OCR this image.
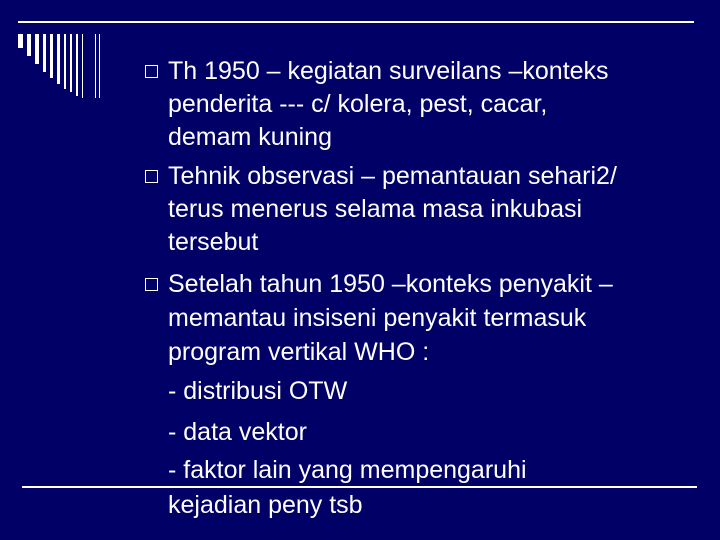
Th 1950 – kegiatan surveilans –konteks
penderita --- c/ kolera, pest, cacar,
demam kuning
Tehnik observasi – pemantauan sehari2/
terus menerus selama masa inkubasi
tersebut
Setelah tahun 1950 –konteks penyakit –
memantau insiseni penyakit termasuk
program vertikal WHO :
- distribusi OTW
- data vektor
- faktor lain yang mempengaruhi
kejadian peny tsb
